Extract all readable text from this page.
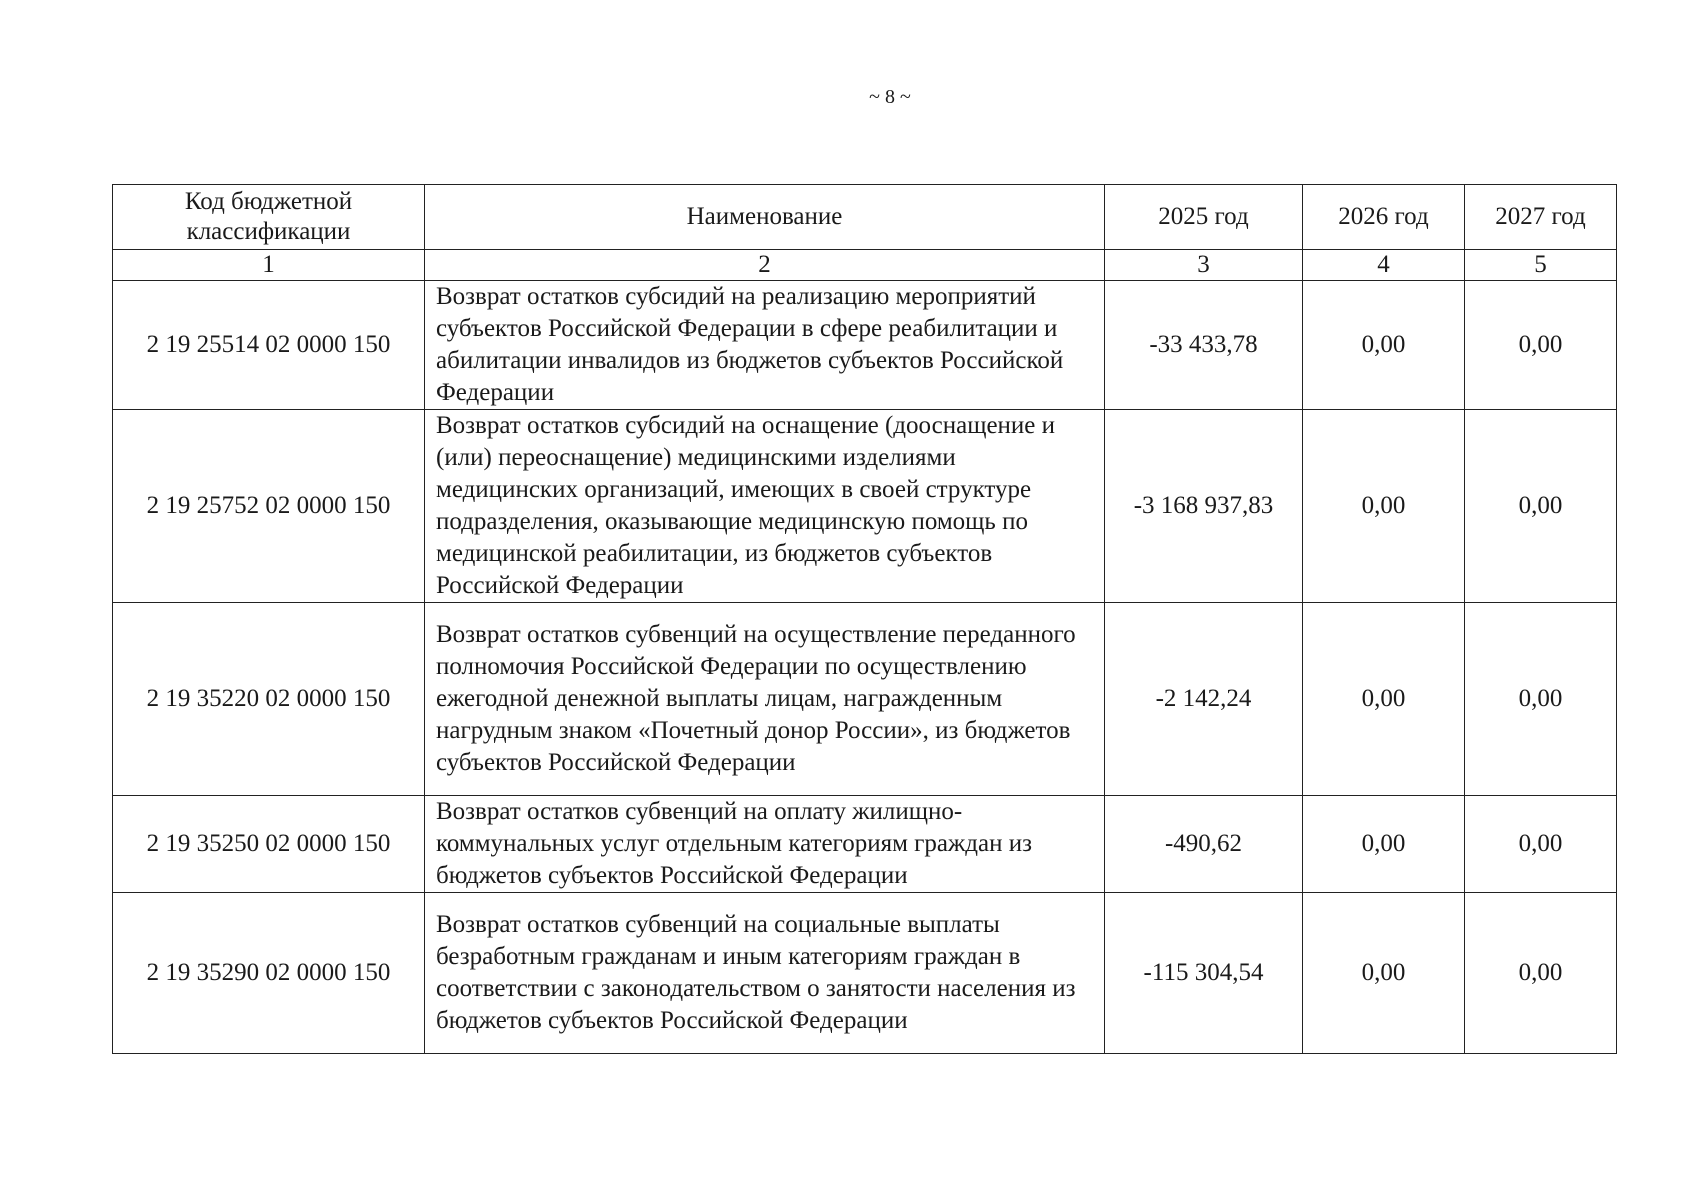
~ 8 ~
Код бюджетной классификации	Наименование	2025 год	2026 год	2027 год
1	2	3	4	5
2 19 25514 02 0000 150	Возврат остатков субсидий на реализацию мероприятий субъектов Российской Федерации в сфере реабилитации и абилитации инвалидов из бюджетов субъектов Российской Федерации	-33 433,78	0,00	0,00
2 19 25752 02 0000 150	Возврат остатков субсидий на оснащение (дооснащение и (или) переоснащение) медицинскими изделиями медицинских организаций, имеющих в своей структуре подразделения, оказывающие медицинскую помощь по медицинской реабилитации, из бюджетов субъектов Российской Федерации	-3 168 937,83	0,00	0,00
2 19 35220 02 0000 150	Возврат остатков субвенций на осуществление переданного полномочия Российской Федерации по осуществлению ежегодной денежной выплаты лицам, награжденным нагрудным знаком «Почетный донор России», из бюджетов субъектов Российской Федерации	-2 142,24	0,00	0,00
2 19 35250 02 0000 150	Возврат остатков субвенций на оплату жилищно-коммунальных услуг отдельным категориям граждан из бюджетов субъектов Российской Федерации	-490,62	0,00	0,00
2 19 35290 02 0000 150	Возврат остатков субвенций на социальные выплаты безработным гражданам и иным категориям граждан в соответствии с законодательством о занятости населения из бюджетов субъектов Российской Федерации	-115 304,54	0,00	0,00
